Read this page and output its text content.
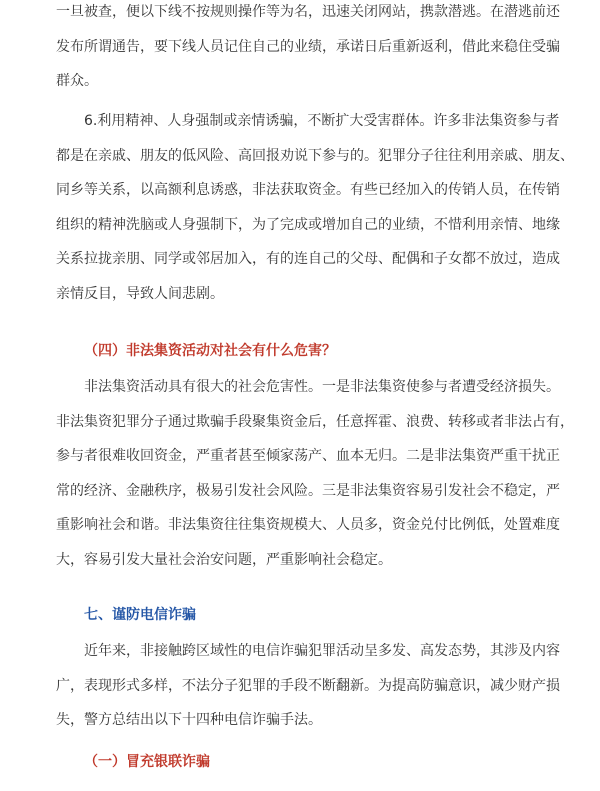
一旦被查，便以下线不按规则操作等为名，迅速关闭网站，携款潜逃。在潜逃前还
发布所谓通告，要下线人员记住自己的业绩，承诺日后重新返利，借此来稳住受骗
群众。
　　6.利用精神、人身强制或亲情诱骗，不断扩大受害群体。许多非法集资参与者
都是在亲戚、朋友的低风险、高回报劝说下参与的。犯罪分子往往利用亲戚、朋友、
同乡等关系，以高额利息诱惑，非法获取资金。有些已经加入的传销人员，在传销
组织的精神洗脑或人身强制下，为了完成或增加自己的业绩，不惜利用亲情、地缘
关系拉拢亲朋、同学或邻居加入，有的连自己的父母、配偶和子女都不放过，造成
亲情反目，导致人间悲剧。
（四）非法集资活动对社会有什么危害？
　　非法集资活动具有很大的社会危害性。一是非法集资使参与者遭受经济损失。
非法集资犯罪分子通过欺骗手段聚集资金后，任意挥霍、浪费、转移或者非法占有，
参与者很难收回资金，严重者甚至倾家荡产、血本无归。二是非法集资严重干扰正
常的经济、金融秩序，极易引发社会风险。三是非法集资容易引发社会不稳定，严
重影响社会和谐。非法集资往往集资规模大、人员多，资金兑付比例低，处置难度
大，容易引发大量社会治安问题，严重影响社会稳定。
七、谨防电信诈骗
　　近年来，非接触跨区域性的电信诈骗犯罪活动呈多发、高发态势，其涉及内容
广，表现形式多样，不法分子犯罪的手段不断翻新。为提高防骗意识，减少财产损
失，警方总结出以下十四种电信诈骗手法。
（一）冒充银联诈骗
